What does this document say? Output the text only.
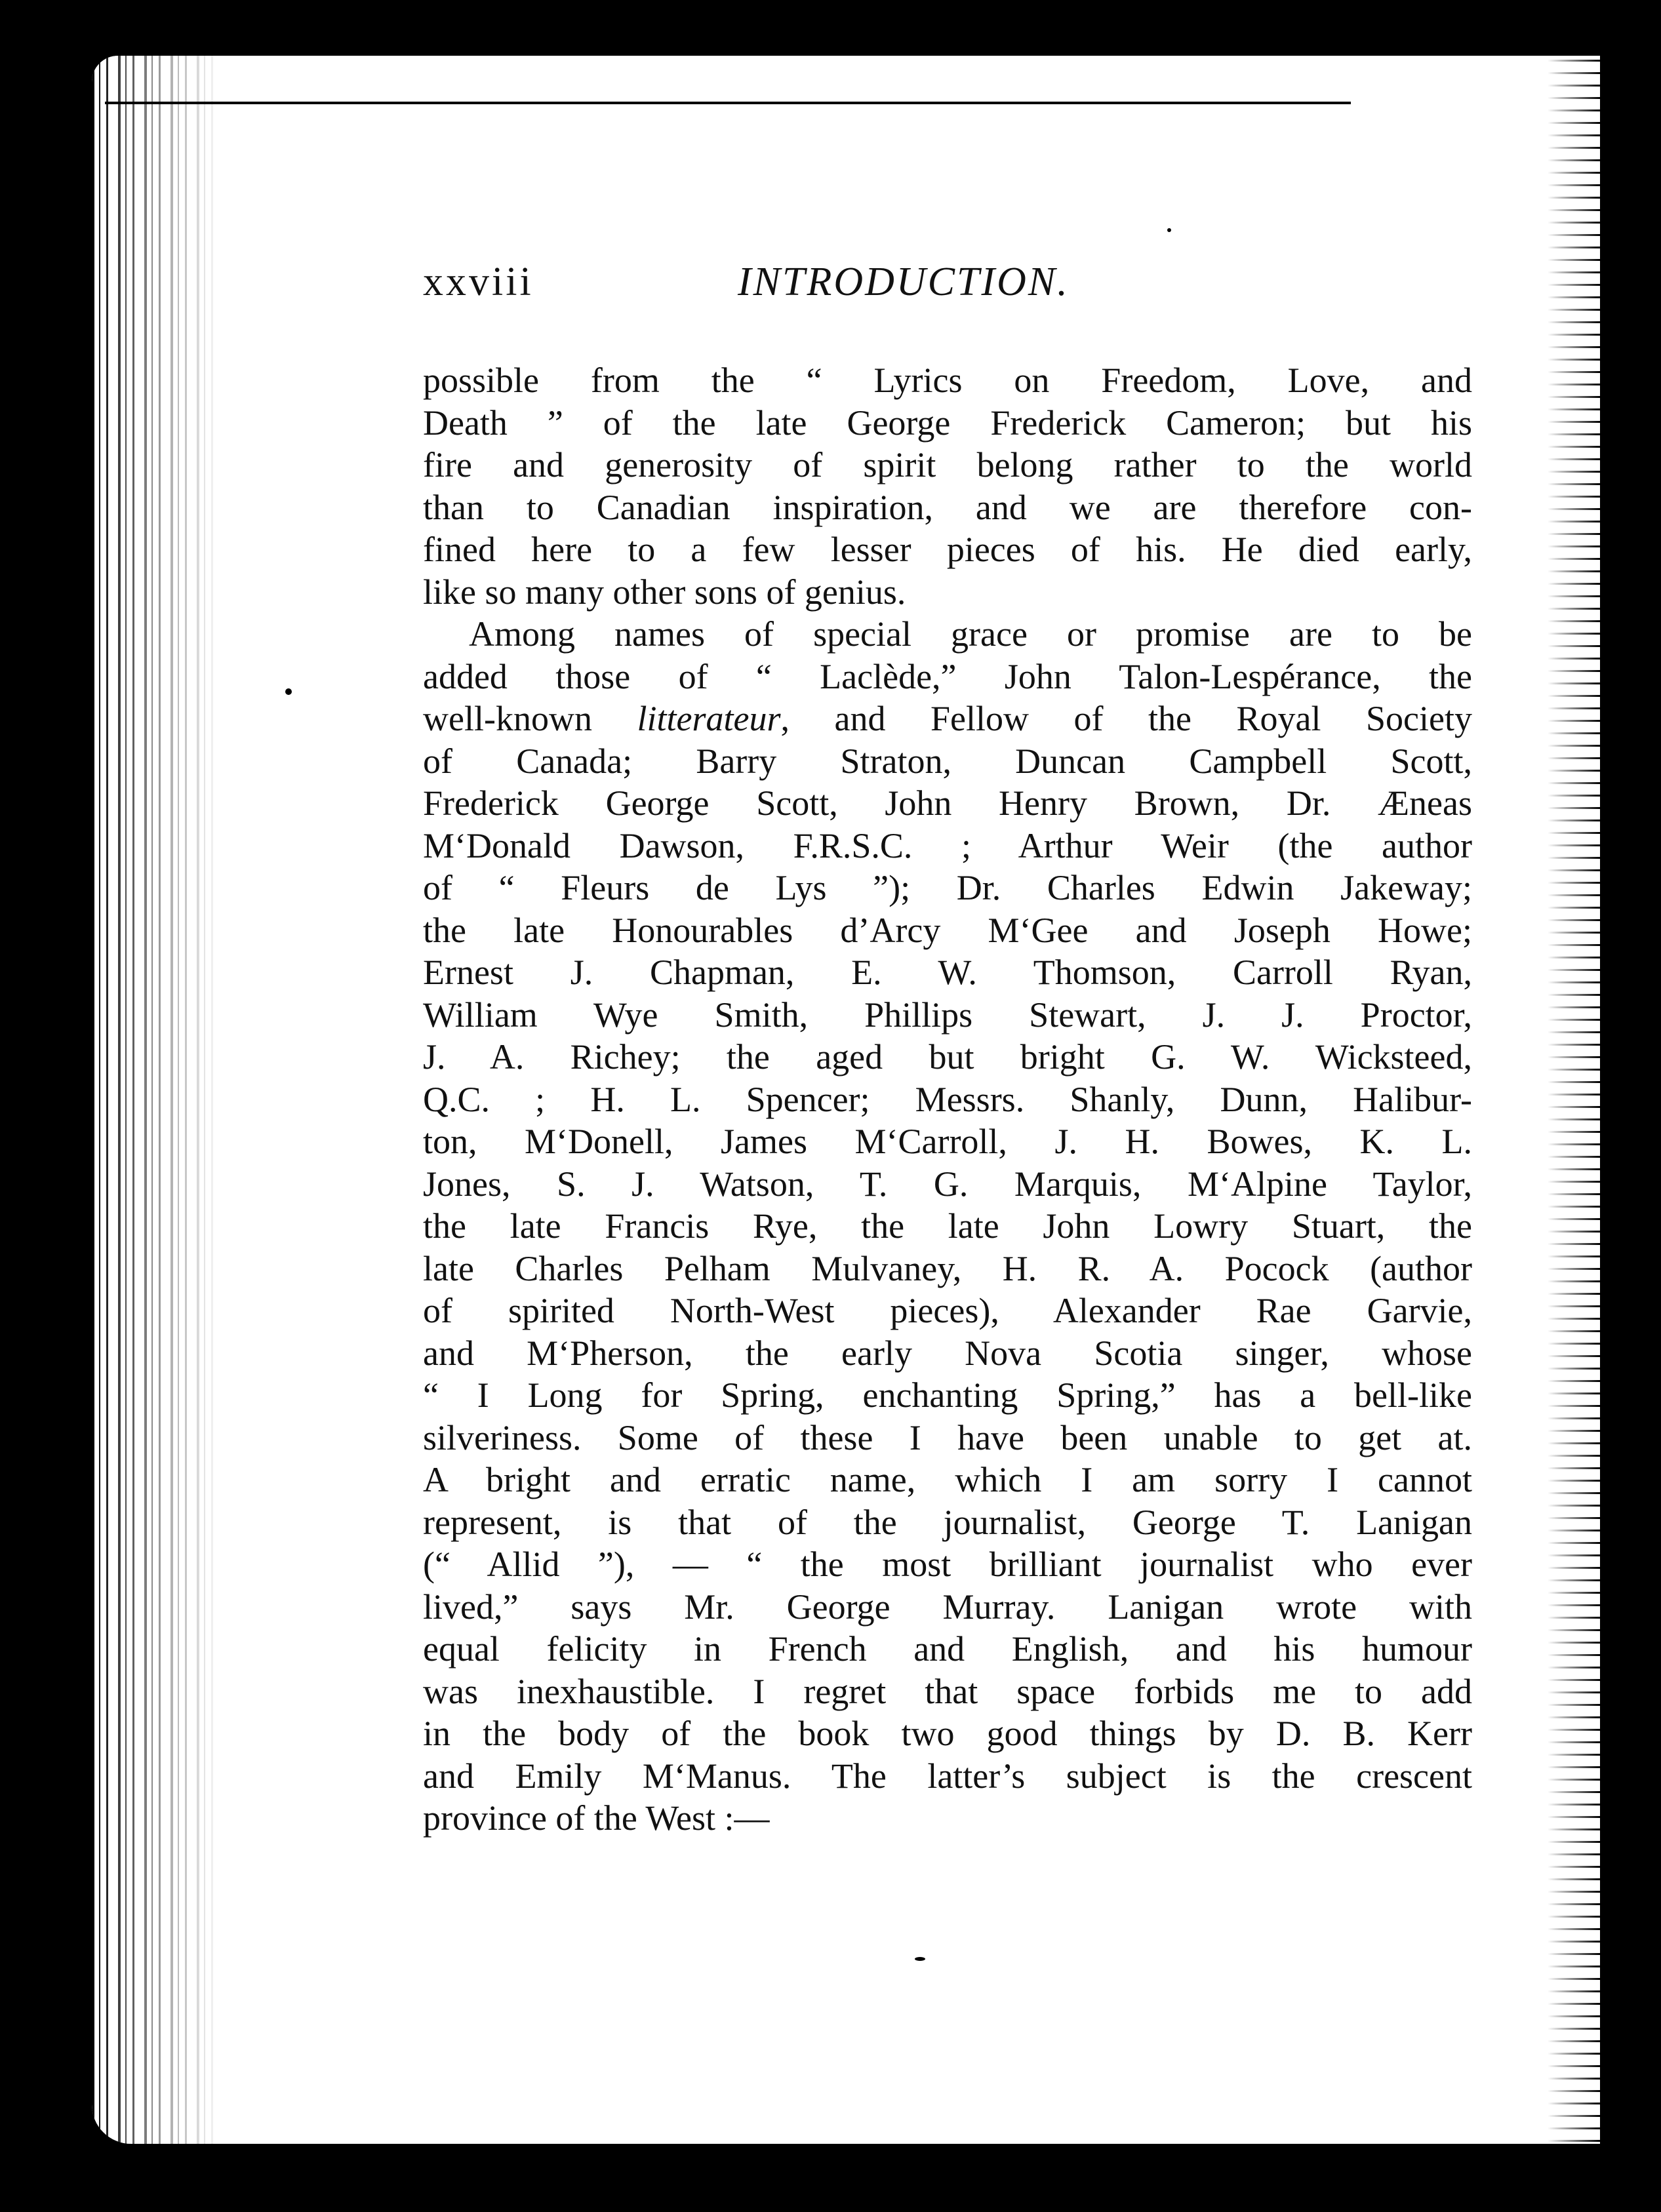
xxviii	INTRODUCTION.

possible from the “ Lyrics on Freedom, Love, and
Death ” of the late George Frederick Cameron; but his
fire and generosity of spirit belong rather to the world
than to Canadian inspiration, and we are therefore con-
fined here to a few lesser pieces of his. He died early,
like so many other sons of genius.

Among names of special grace or promise are to be
added those of “ Laclède,” John Talon-Lespérance, the
well-known litterateur, and Fellow of the Royal Society
of Canada; Barry Straton, Duncan Campbell Scott,
Frederick George Scott, John Henry Brown, Dr. Æneas
M‘Donald Dawson, F.R.S.C. ; Arthur Weir (the author
of “ Fleurs de Lys ”); Dr. Charles Edwin Jakeway;
the late Honourables d’Arcy M‘Gee and Joseph Howe;
Ernest J. Chapman, E. W. Thomson, Carroll Ryan,
William Wye Smith, Phillips Stewart, J. J. Proctor,
J. A. Richey; the aged but bright G. W. Wicksteed,
Q.C. ; H. L. Spencer; Messrs. Shanly, Dunn, Halibur-
ton, M‘Donell, James M‘Carroll, J. H. Bowes, K. L.
Jones, S. J. Watson, T. G. Marquis, M‘Alpine Taylor,
the late Francis Rye, the late John Lowry Stuart, the
late Charles Pelham Mulvaney, H. R. A. Pocock (author
of spirited North-West pieces), Alexander Rae Garvie,
and M‘Pherson, the early Nova Scotia singer, whose
“ I Long for Spring, enchanting Spring,” has a bell-like
silveriness. Some of these I have been unable to get at.
A bright and erratic name, which I am sorry I cannot
represent, is that of the journalist, George T. Lanigan
(“ Allid ”), — “ the most brilliant journalist who ever
lived,” says Mr. George Murray. Lanigan wrote with
equal felicity in French and English, and his humour
was inexhaustible. I regret that space forbids me to add
in the body of the book two good things by D. B. Kerr
and Emily M‘Manus. The latter’s subject is the crescent
province of the West :—
